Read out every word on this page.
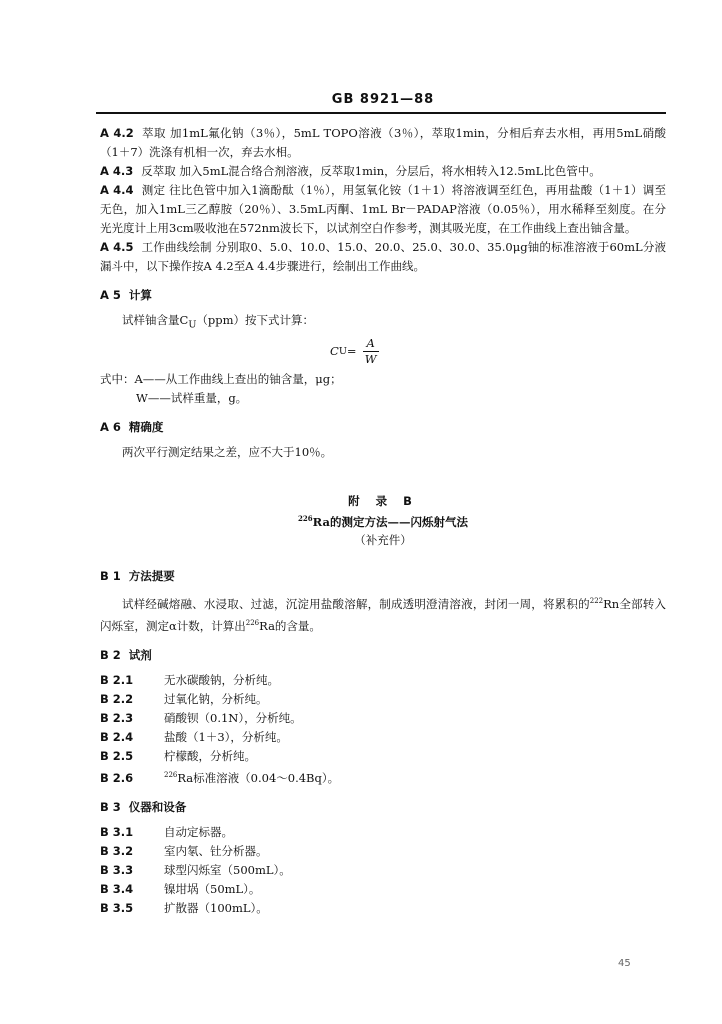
GB 8921—88

A 4.2 萃取 加1mL氟化钠（3％），5mL TOPO溶液（3％），萃取1min，分相后弃去水相，再用5mL硝酸（1＋7）洗涤有机相一次，弃去水相。

A 4.3 反萃取 加入5mL混合络合剂溶液，反萃取1min，分层后，将水相转入12.5mL比色管中。

A 4.4 测定 往比色管中加入1滴酚酞（1％），用氢氧化铵（1＋1）将溶液调至红色，再用盐酸（1＋1）调至无色，加入1mL三乙醇胺（20％）、3.5mL丙酮、1mL Br－PADAP溶液（0.05％），用水稀释至刻度。在分光光度计上用3cm吸收池在572nm波长下，以试剂空白作参考，测其吸光度，在工作曲线上查出铀含量。

A 4.5 工作曲线绘制 分别取0、5.0、10.0、15.0、20.0、25.0、30.0、35.0μg铀的标准溶液于60mL分液漏斗中，以下操作按A 4.2至A 4.4步骤进行，绘制出工作曲线。

A 5 计算

试样铀含量$C_U(ppm)$按下式计算：

C $U = \frac{A}{W}$

式中：A——从工作曲线上查出的铀含量，μg；

W——试样重量，g。

A 6 精确度

两次平行测定结果之差，应不大于10％。

附 录 B
$^{226}$Ra的测定方法——闪烁射气法
（补充件）
B 1 方法提要

试样经碱熔融、水浸取、过滤，沉淀用盐酸溶解，制成透明澄清溶液，封闭一周，将累积的$^{222}$Rn全部转入闪烁室，测定α计数，计算出$^{226}$Ra的含量。

B 2 试剂

B 2.1	无水碳酸钠，分析纯。

B 2.2	过氧化钠，分析纯。

B 2.3	硝酸钡（0.1N），分析纯。

B 2.4	盐酸（1＋3），分析纯。

B 2.5	柠檬酸，分析纯。

B 2.6	$^{226}$Ra标准溶液（0.04～0.4Bq）。

B 3 仪器和设备

B 3.1	自动定标器。

B 3.2	室内氡、钍分析器。

B 3.3	球型闪烁室（500mL）。

B 3.4	镍坩埚（50mL）。

B 3.5	扩散器（100mL）。

45
